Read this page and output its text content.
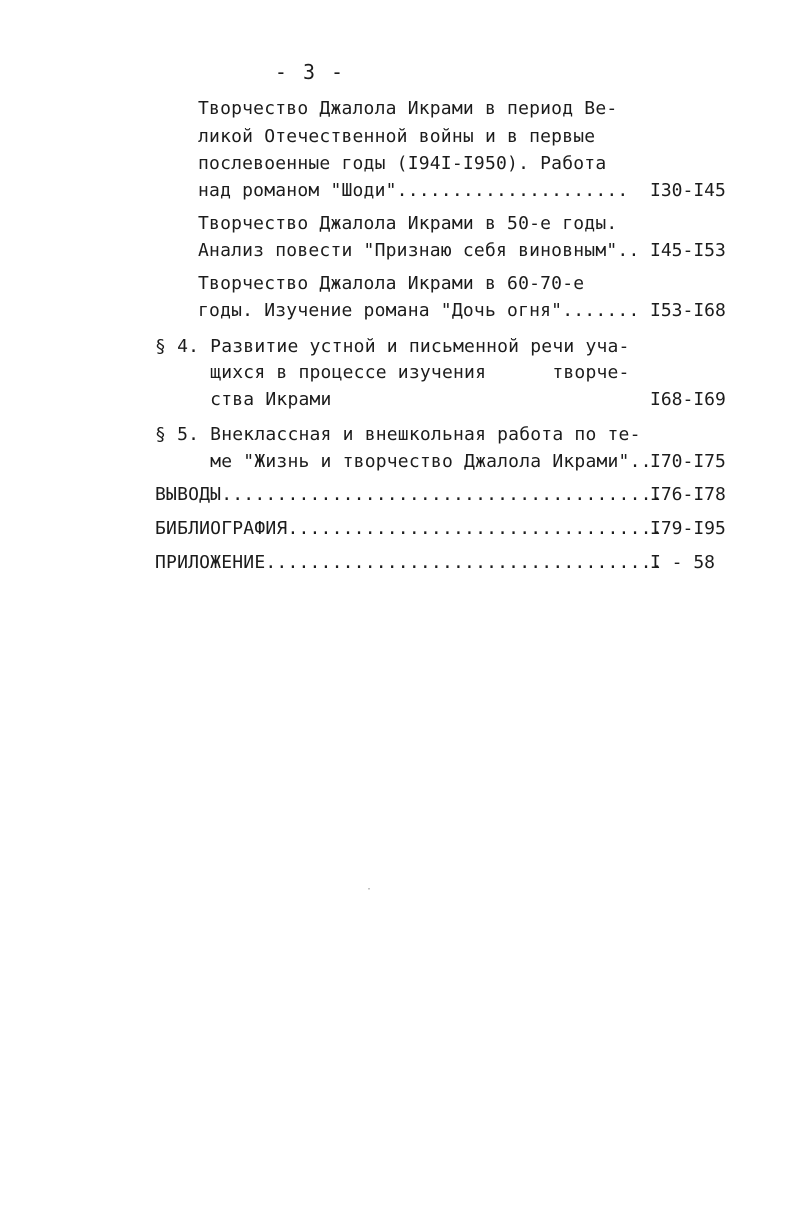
- 3 -
Творчество Джалола Икрами в период Ве-
ликой Отечественной войны и в первые
послевоенные годы (I94I-I950). Работа
над романом "Шоди"..................... I30-I45
Творчество Джалола Икрами в 50-е годы.
Анализ повести "Признаю себя виновным".. I45-I53
Творчество Джалола Икрами в 60-70-е
годы. Изучение романа "Дочь огня"....... I53-I68
§ 4. Развитие устной и письменной речи уча-
щихся в процессе изучения      творче-
ства Икрами	I68-I69
§ 5. Внеклассная и внешкольная работа по те-
ме "Жизнь и творчество Джалола Икрами"..
I70-I75
ВЫВОДЫ........................................
I76-I78
БИБЛИОГРАФИЯ..................................
I79-I95
ПРИЛОЖЕНИЕ....................................
I - 58
·
